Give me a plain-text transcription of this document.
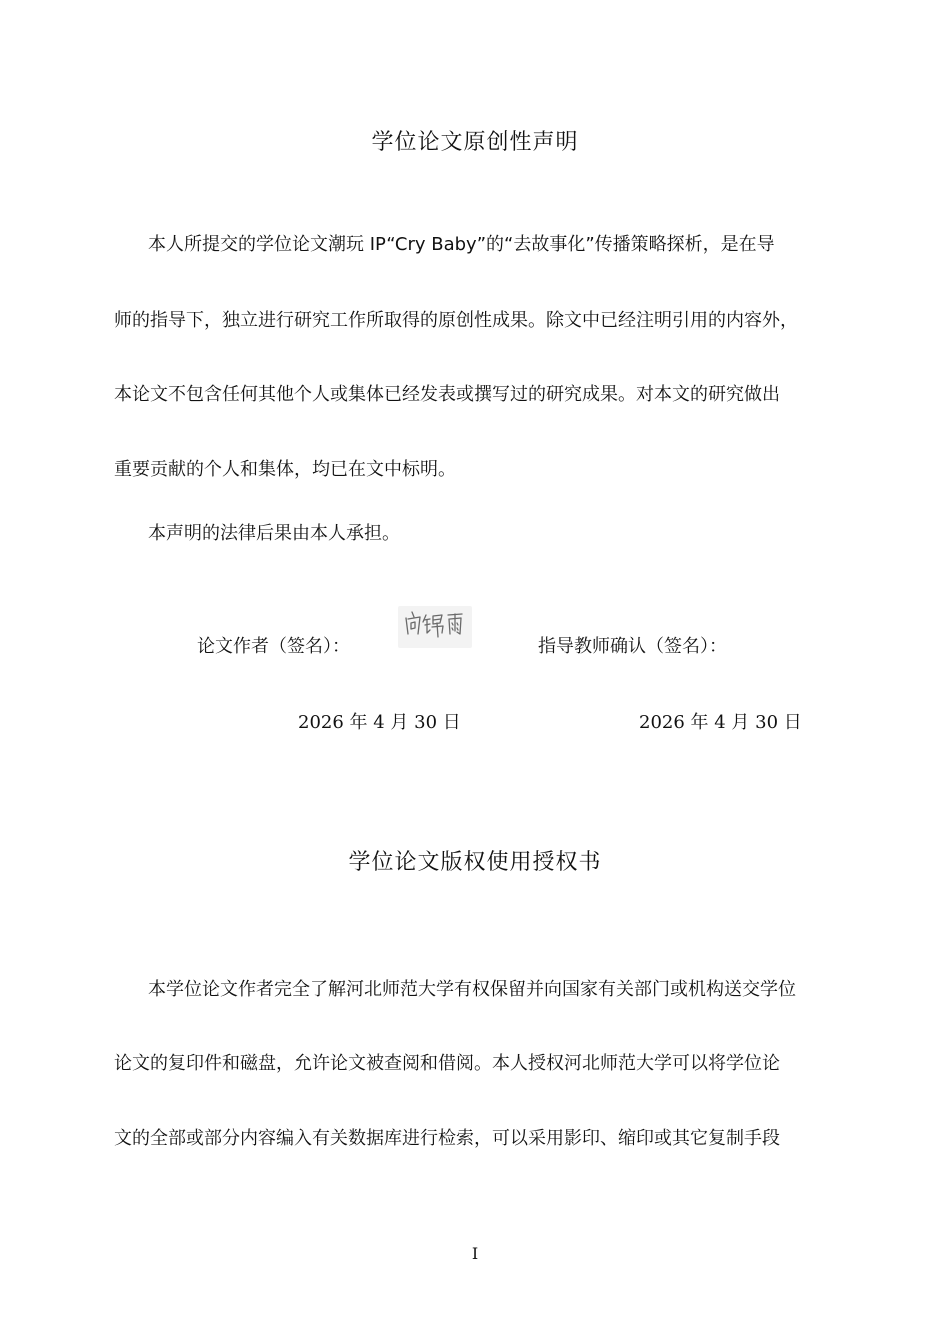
学位论文原创性声明
本人所提交的学位论文潮玩 IP“Cry Baby”的“去故事化”传播策略探析，是在导
师的指导下，独立进行研究工作所取得的原创性成果。除文中已经注明引用的内容外，
本论文不包含任何其他个人或集体已经发表或撰写过的研究成果。对本文的研究做出
重要贡献的个人和集体，均已在文中标明。
本声明的法律后果由本人承担。
论文作者（签名）：	指导教师确认（签名）：
2026 年 4 月 30 日	2026 年 4 月 30 日
学位论文版权使用授权书
本学位论文作者完全了解河北师范大学有权保留并向国家有关部门或机构送交学位
论文的复印件和磁盘，允许论文被查阅和借阅。本人授权河北师范大学可以将学位论
文的全部或部分内容编入有关数据库进行检索，可以采用影印、缩印或其它复制手段
I
